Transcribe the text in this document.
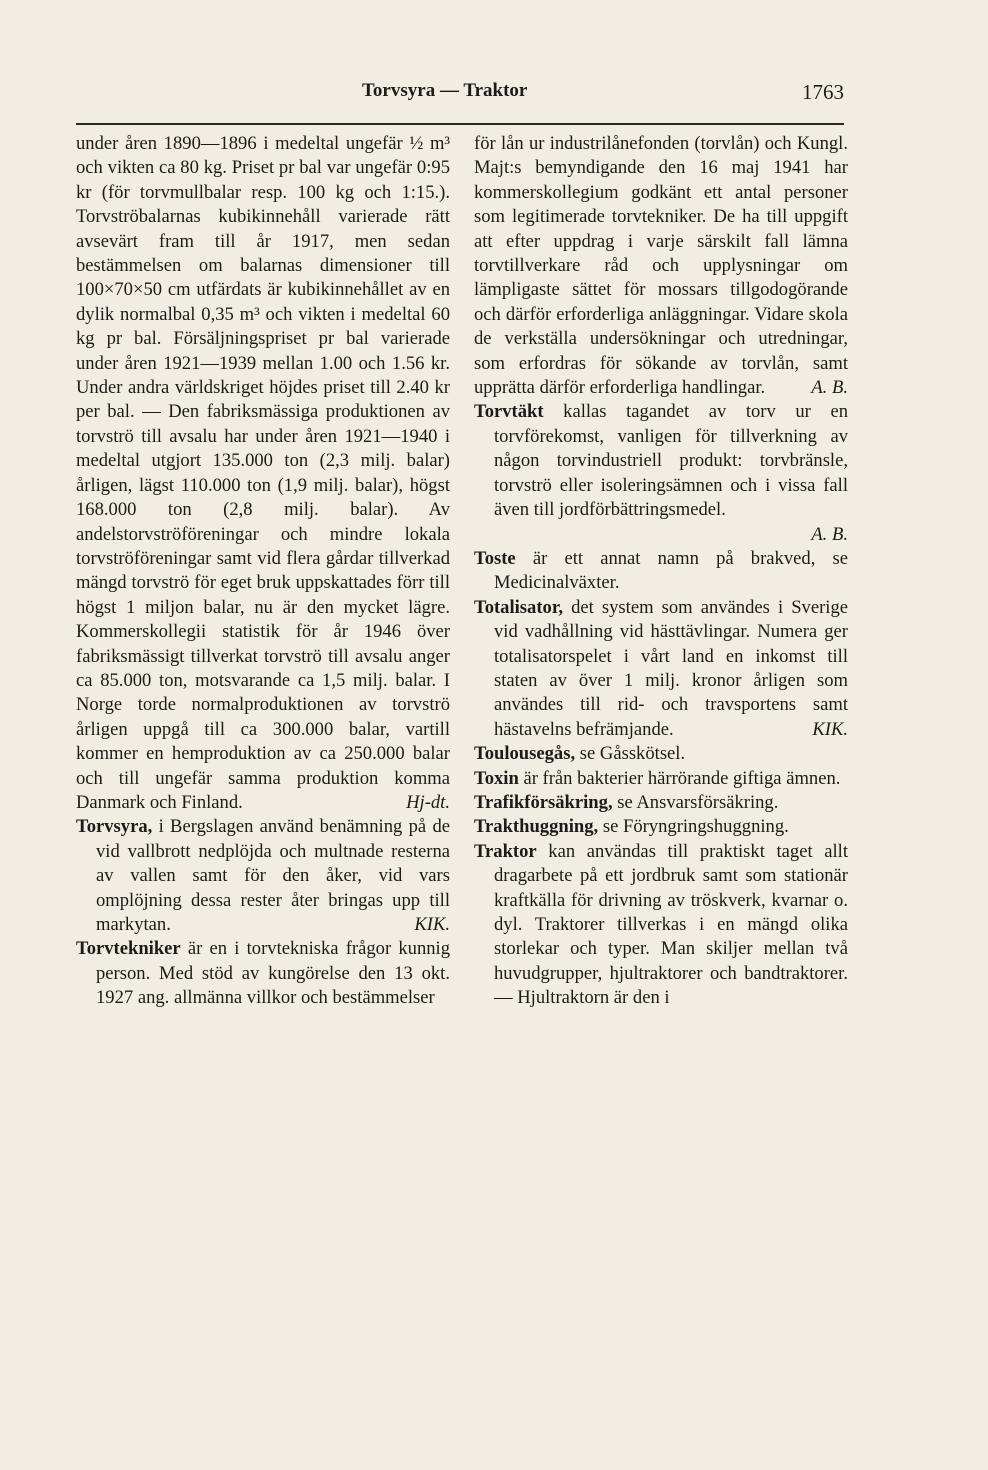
Torvsyra — Traktor	1763

under åren 1890—1896 i medeltal ungefär ½ m³ och vikten ca 80 kg. Priset pr bal var ungefär 0:95 kr (för torvmullbalar resp. 100 kg och 1:15.). Torvströbalarnas kubikinnehåll varierade rätt avsevärt fram till år 1917, men sedan bestämmelsen om balarnas dimensioner till 100×70×50 cm utfärdats är kubikinnehållet av en dylik normalbal 0,35 m³ och vikten i medeltal 60 kg pr bal. Försäljningspriset pr bal varierade under åren 1921—1939 mellan 1.00 och 1.56 kr. Under andra världskriget höjdes priset till 2.40 kr per bal. — Den fabriksmässiga produktionen av torvströ till avsalu har under åren 1921—1940 i medeltal utgjort 135.000 ton (2,3 milj. balar) årligen, lägst 110.000 ton (1,9 milj. balar), högst 168.000 ton (2,8 milj. balar). Av andelstorvströföreningar och mindre lokala torvströföreningar samt vid flera gårdar tillverkad mängd torvströ för eget bruk uppskattades förr till högst 1 miljon balar, nu är den mycket lägre. Kommerskollegii statistik för år 1946 över fabriksmässigt tillverkat torvströ till avsalu anger ca 85.000 ton, motsvarande ca 1,5 milj. balar. I Norge torde normalproduktionen av torvströ årligen uppgå till ca 300.000 balar, vartill kommer en hemproduktion av ca 250.000 balar och till ungefär samma produktion komma Danmark och Finland.	Hj-dt.

Torvsyra, i Bergslagen använd benämning på de vid vallbrott nedplöjda och multnade resterna av vallen samt för den åker, vid vars omplöjning dessa rester åter bringas upp till markytan.	KIK.

Torvtekniker är en i torvtekniska frågor kunnig person. Med stöd av kungörelse den 13 okt. 1927 ang. allmänna villkor och bestämmelser

för lån ur industrilånefonden (torvlån) och Kungl. Majt:s bemyndigande den 16 maj 1941 har kommerskollegium godkänt ett antal personer som legitimerade torvtekniker. De ha till uppgift att efter uppdrag i varje särskilt fall lämna torvtillverkare råd och upplysningar om lämpligaste sättet för mossars tillgodogörande och därför erforderliga anläggningar. Vidare skola de verkställa undersökningar och utredningar, som erfordras för sökande av torvlån, samt upprätta därför erforderliga handlingar. A. B.

Torvtäkt kallas tagandet av torv ur en torvförekomst, vanligen för tillverkning av någon torvindustriell produkt: torvbränsle, torvströ eller isoleringsämnen och i vissa fall även till jordförbättringsmedel.
A. B.

Toste är ett annat namn på brakved, se Medicinalväxter.

Totalisator, det system som användes i Sverige vid vadhållning vid hästtävlingar. Numera ger totalisatorspelet i vårt land en inkomst till staten av över 1 milj. kronor årligen som användes till rid- och travsportens samt hästavelns befrämjande.	KIK.

Toulousegås, se Gåsskötsel.

Toxin är från bakterier härrörande giftiga ämnen.

Trafikförsäkring, se Ansvarsförsäkring.

Trakthuggning, se Föryngringshuggning.

Traktor kan användas till praktiskt taget allt dragarbete på ett jordbruk samt som stationär kraftkälla för drivning av tröskverk, kvarnar o. dyl. Traktorer tillverkas i en mängd olika storlekar och typer. Man skiljer mellan två huvudgrupper, hjultraktorer och bandtraktorer. — Hjultraktorn är den i
